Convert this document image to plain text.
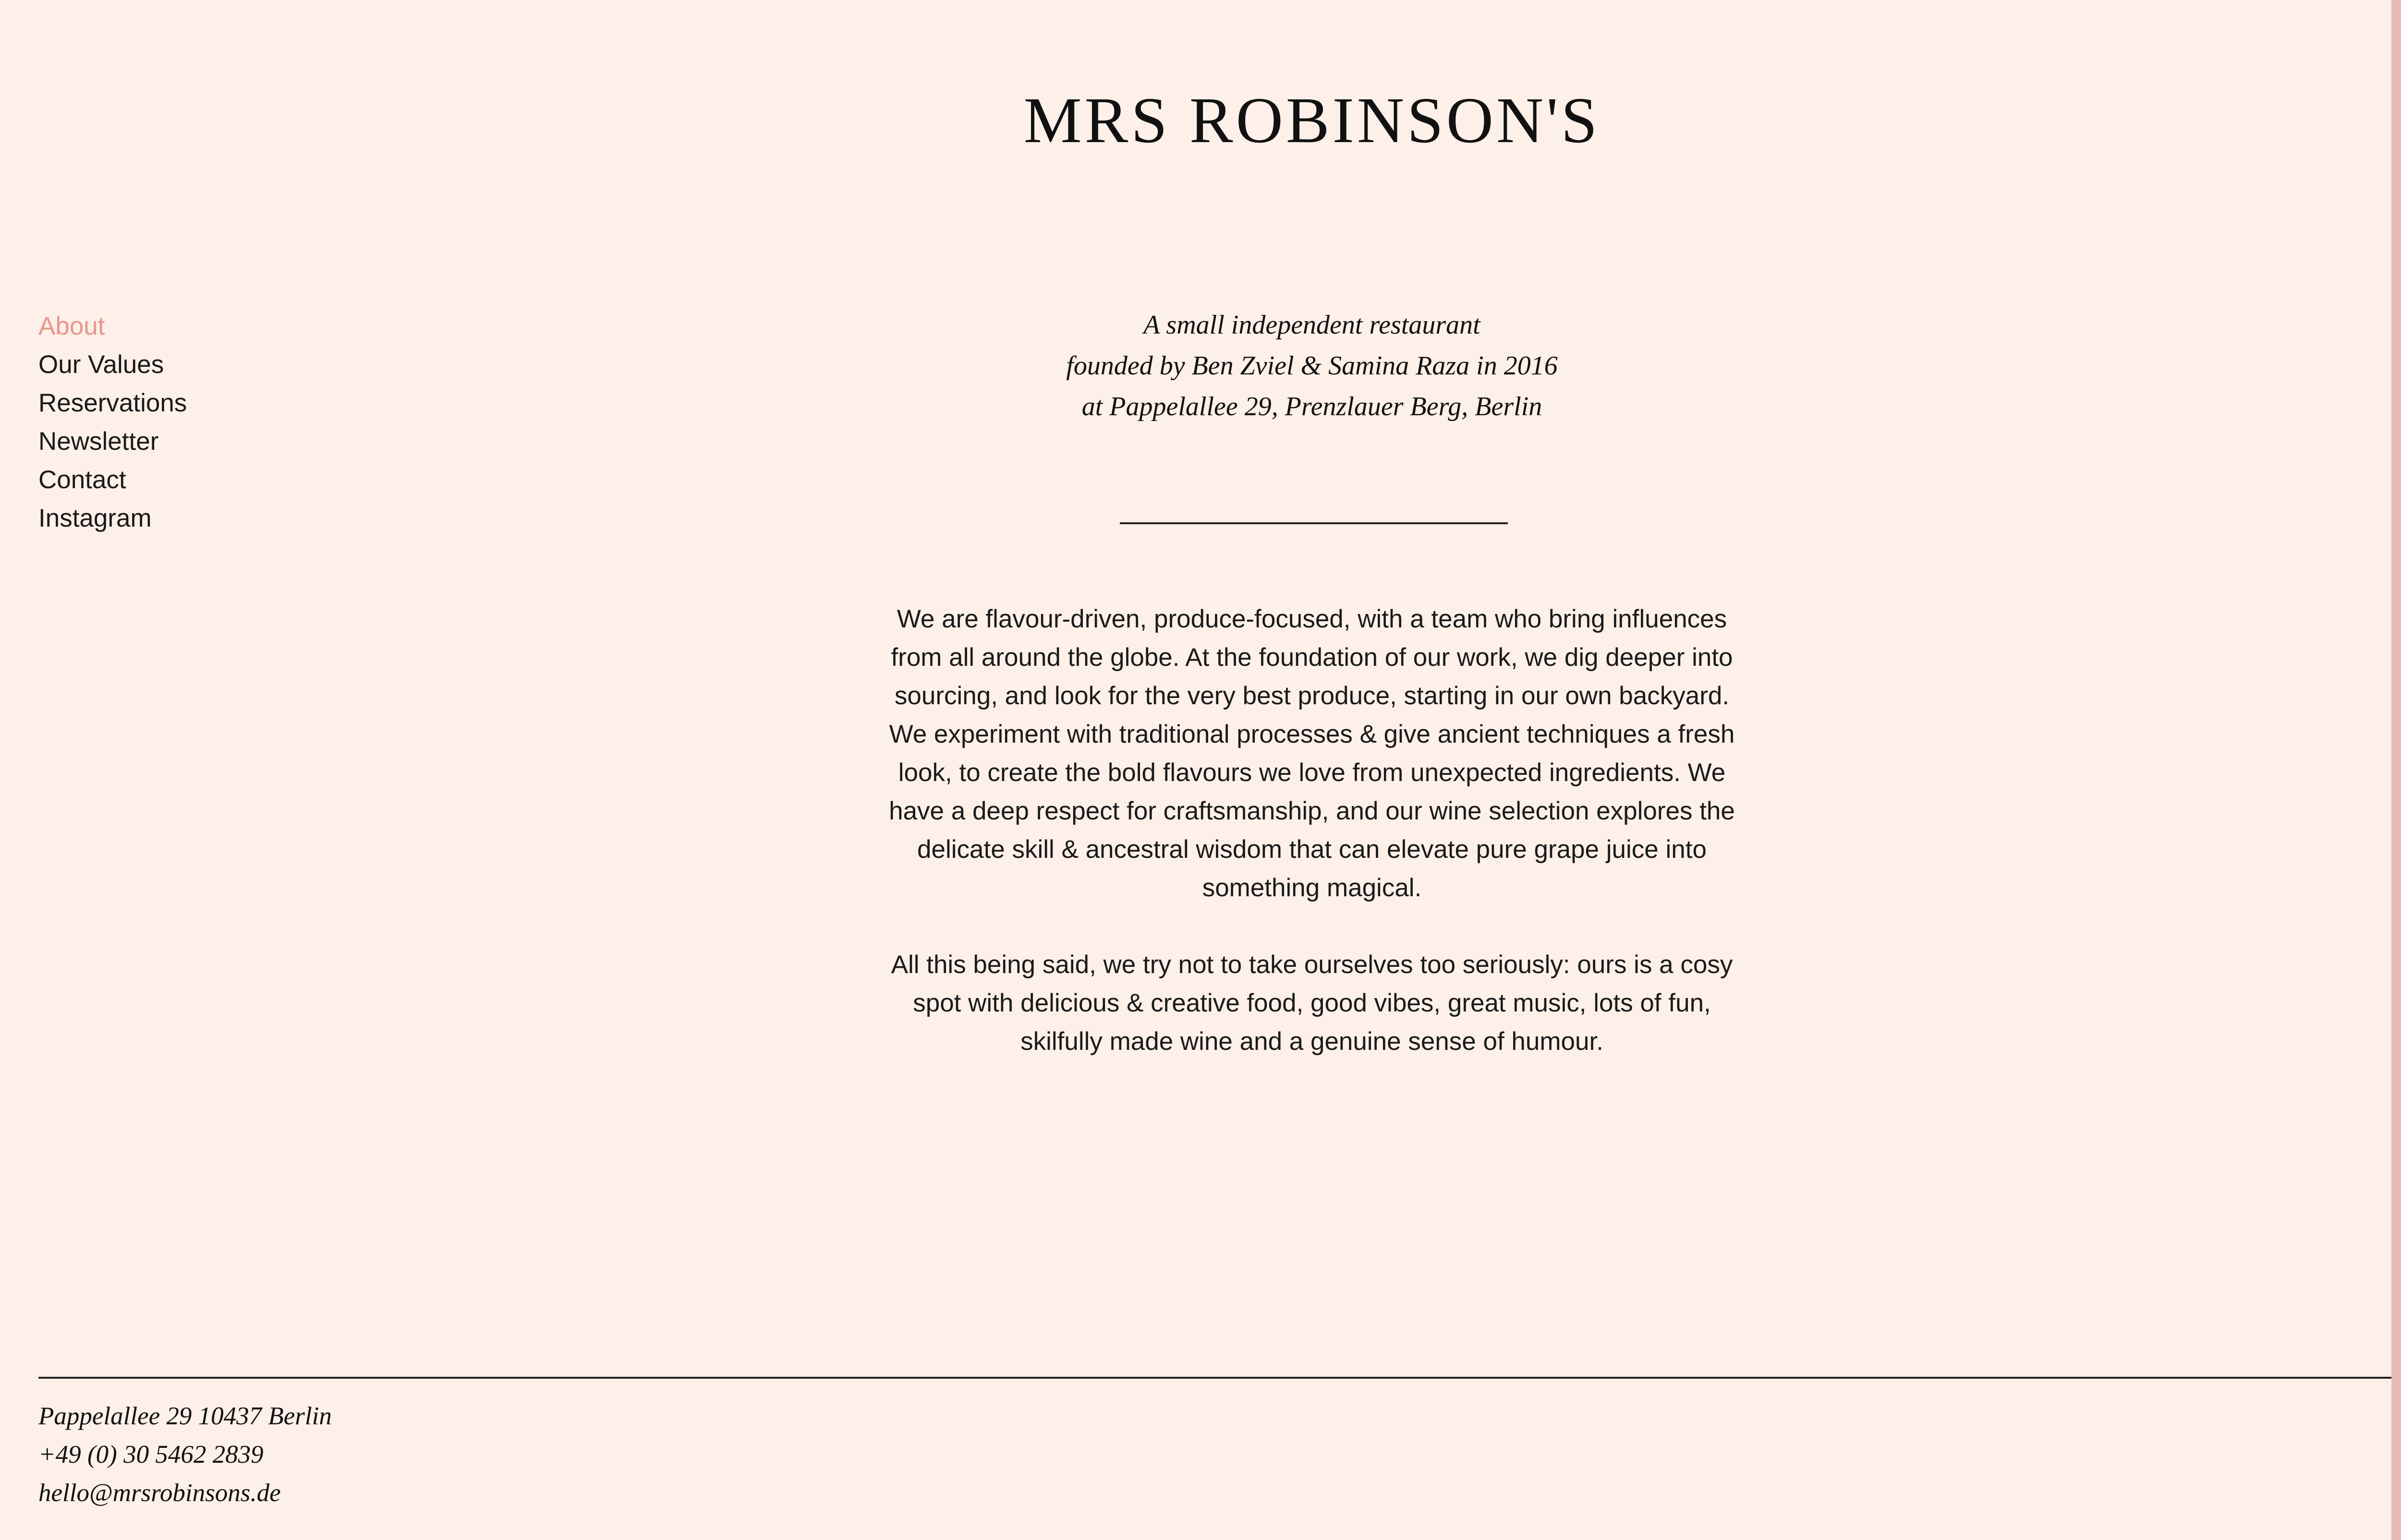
MRS ROBINSON'S
About
Our Values
Reservations
Newsletter
Contact
Instagram
A small independent restaurant
founded by Ben Zviel & Samina Raza in 2016
at Pappelallee 29, Prenzlauer Berg, Berlin

We are flavour-driven, produce-focused, with a team who bring influences from all around the globe. At the foundation of our work, we dig deeper into sourcing, and look for the very best produce, starting in our own backyard. We experiment with traditional processes & give ancient techniques a fresh look, to create the bold flavours we love from unexpected ingredients. We have a deep respect for craftsmanship, and our wine selection explores the delicate skill & ancestral wisdom that can elevate pure grape juice into something magical.

All this being said, we try not to take ourselves too seriously: ours is a cosy spot with delicious & creative food, good vibes, great music, lots of fun, skilfully made wine and a genuine sense of humour.

Pappelallee 29 10437 Berlin
+49 (0) 30 5462 2839
hello@mrsrobinsons.de
